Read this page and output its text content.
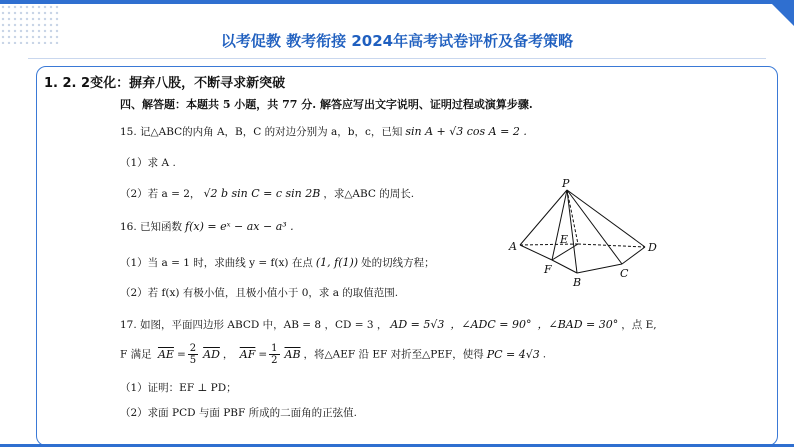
以考促教 教考衔接 2024年高考试卷评析及备考策略
1. 2. 2变化：摒弃八股，不断寻求新突破
四、解答题：本题共 5 小题，共 77 分. 解答应写出文字说明、证明过程或演算步骤.
15. 记△ABC的内角 A，B，C 的对边分别为 a，b，c，已知 sin A + √3 cos A = 2 .
（1）求 A .
（2）若 a = 2， √2 b sin C = c sin 2B ，求△ABC 的周长.
16. 已知函数 f(x) = eˣ − ax − a³ .
（1）当 a = 1 时，求曲线 y = f(x) 在点 (1, f(1)) 处的切线方程；
（2）若 f(x) 有极小值，且极小值小于 0，求 a 的取值范围.
17. 如图，平面四边形 ABCD 中，AB = 8 ，CD = 3 ， AD = 5√3 ，∠ADC = 90° ，∠BAD = 30° ，点 E,
F 满足 $\overline{AE} = \frac{2}{5} \overline{AD}$ ， $\overline{AF} = \frac{1}{2} \overline{AB}$ ，将△AEF 沿 EF 对折至△PEF，使得 PC = 4√3 .
（1）证明：EF ⊥ PD；
（2）求面 PCD 与面 PBF 所成的二面角的正弦值.
P
A
B
C
D
E
F
